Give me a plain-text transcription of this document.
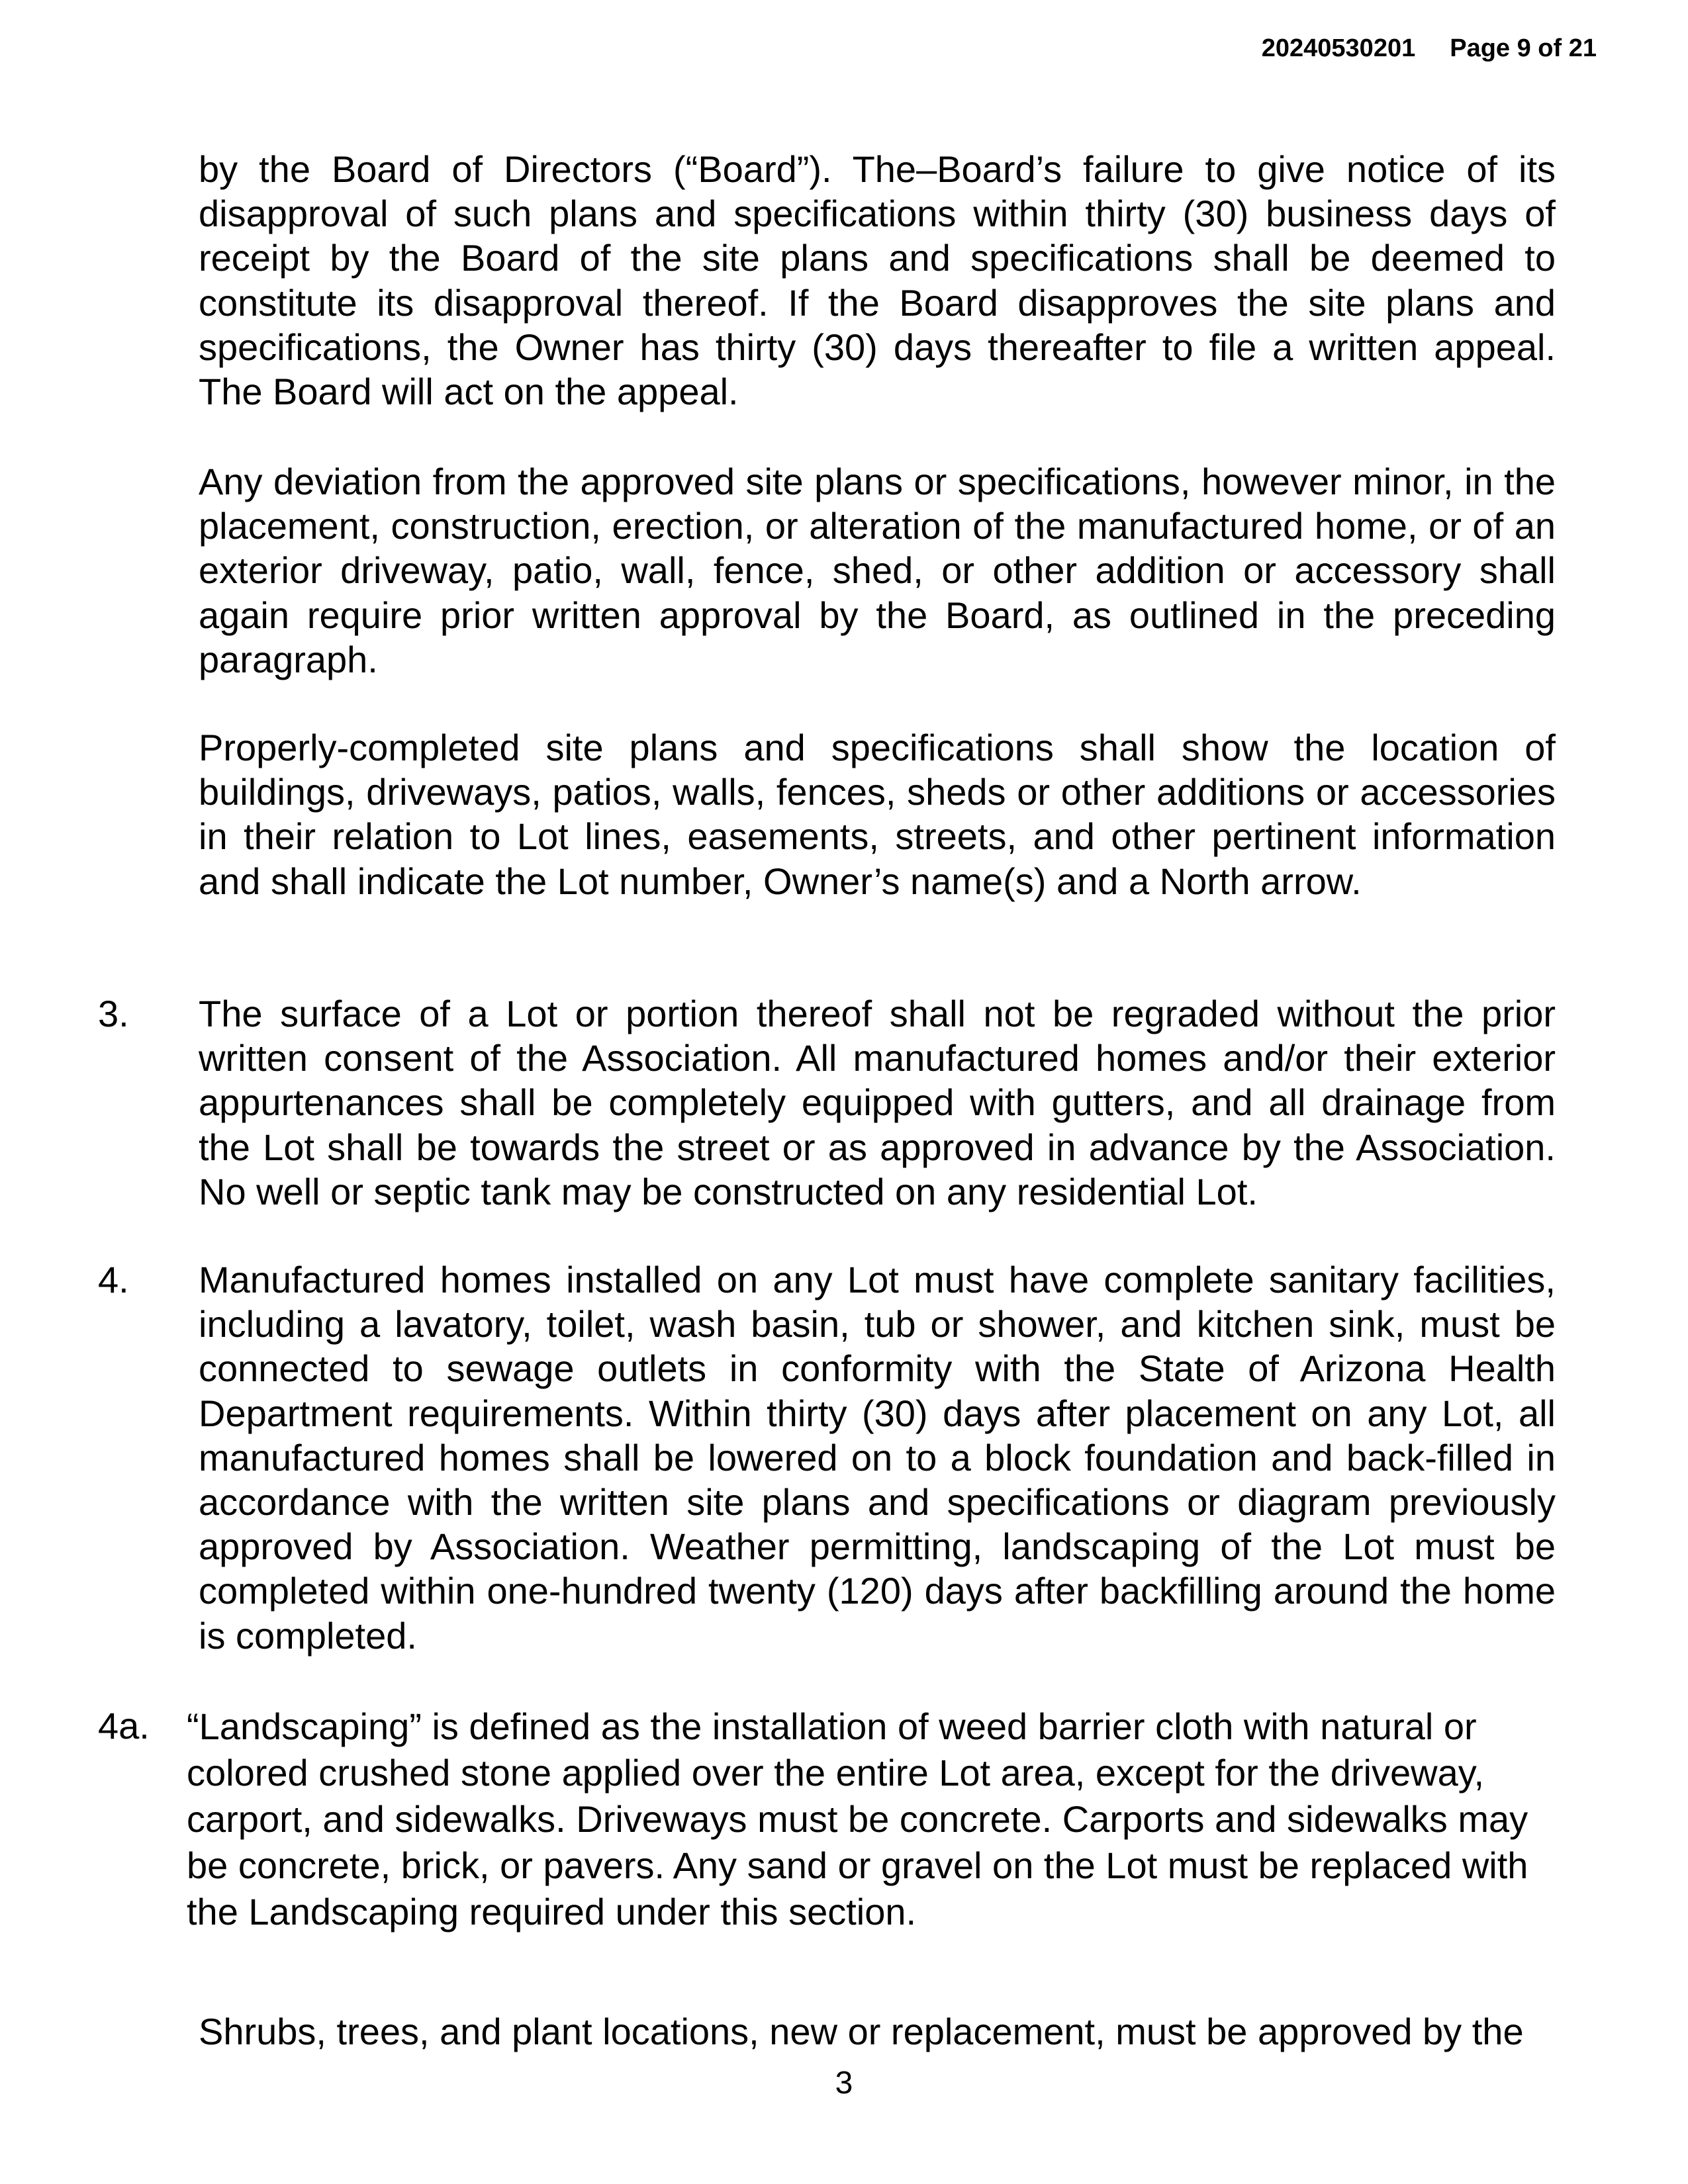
20240530201 Page 9 of 21

by the Board of Directors (“Board”). The–Board’s failure to give notice of its disapproval of such plans and specifications within thirty (30) business days of receipt by the Board of the site plans and specifications shall be deemed to constitute its disapproval thereof. If the Board disapproves the site plans and specifications, the Owner has thirty (30) days thereafter to file a written appeal. The Board will act on the appeal.

Any deviation from the approved site plans or specifications, however minor, in the placement, construction, erection, or alteration of the manufactured home, or of an exterior driveway, patio, wall, fence, shed, or other addition or accessory shall again require prior written approval by the Board, as outlined in the preceding paragraph.

Properly-completed site plans and specifications shall show the location of buildings, driveways, patios, walls, fences, sheds or other additions or accessories in their relation to Lot lines, easements, streets, and other pertinent information and shall indicate the Lot number, Owner’s name(s) and a North arrow.

3. The surface of a Lot or portion thereof shall not be regraded without the prior written consent of the Association. All manufactured homes and/or their exterior appurtenances shall be completely equipped with gutters, and all drainage from the Lot shall be towards the street or as approved in advance by the Association. No well or septic tank may be constructed on any residential Lot.

4. Manufactured homes installed on any Lot must have complete sanitary facilities, including a lavatory, toilet, wash basin, tub or shower, and kitchen sink, must be connected to sewage outlets in conformity with the State of Arizona Health Department requirements. Within thirty (30) days after placement on any Lot, all manufactured homes shall be lowered on to a block foundation and back-filled in accordance with the written site plans and specifications or diagram previously approved by Association. Weather permitting, landscaping of the Lot must be completed within one-hundred twenty (120) days after backfilling around the home is completed.

4a. “Landscaping” is defined as the installation of weed barrier cloth with natural or colored crushed stone applied over the entire Lot area, except for the driveway, carport, and sidewalks. Driveways must be concrete. Carports and sidewalks may be concrete, brick, or pavers. Any sand or gravel on the Lot must be replaced with the Landscaping required under this section.

Shrubs, trees, and plant locations, new or replacement, must be approved by the

3
